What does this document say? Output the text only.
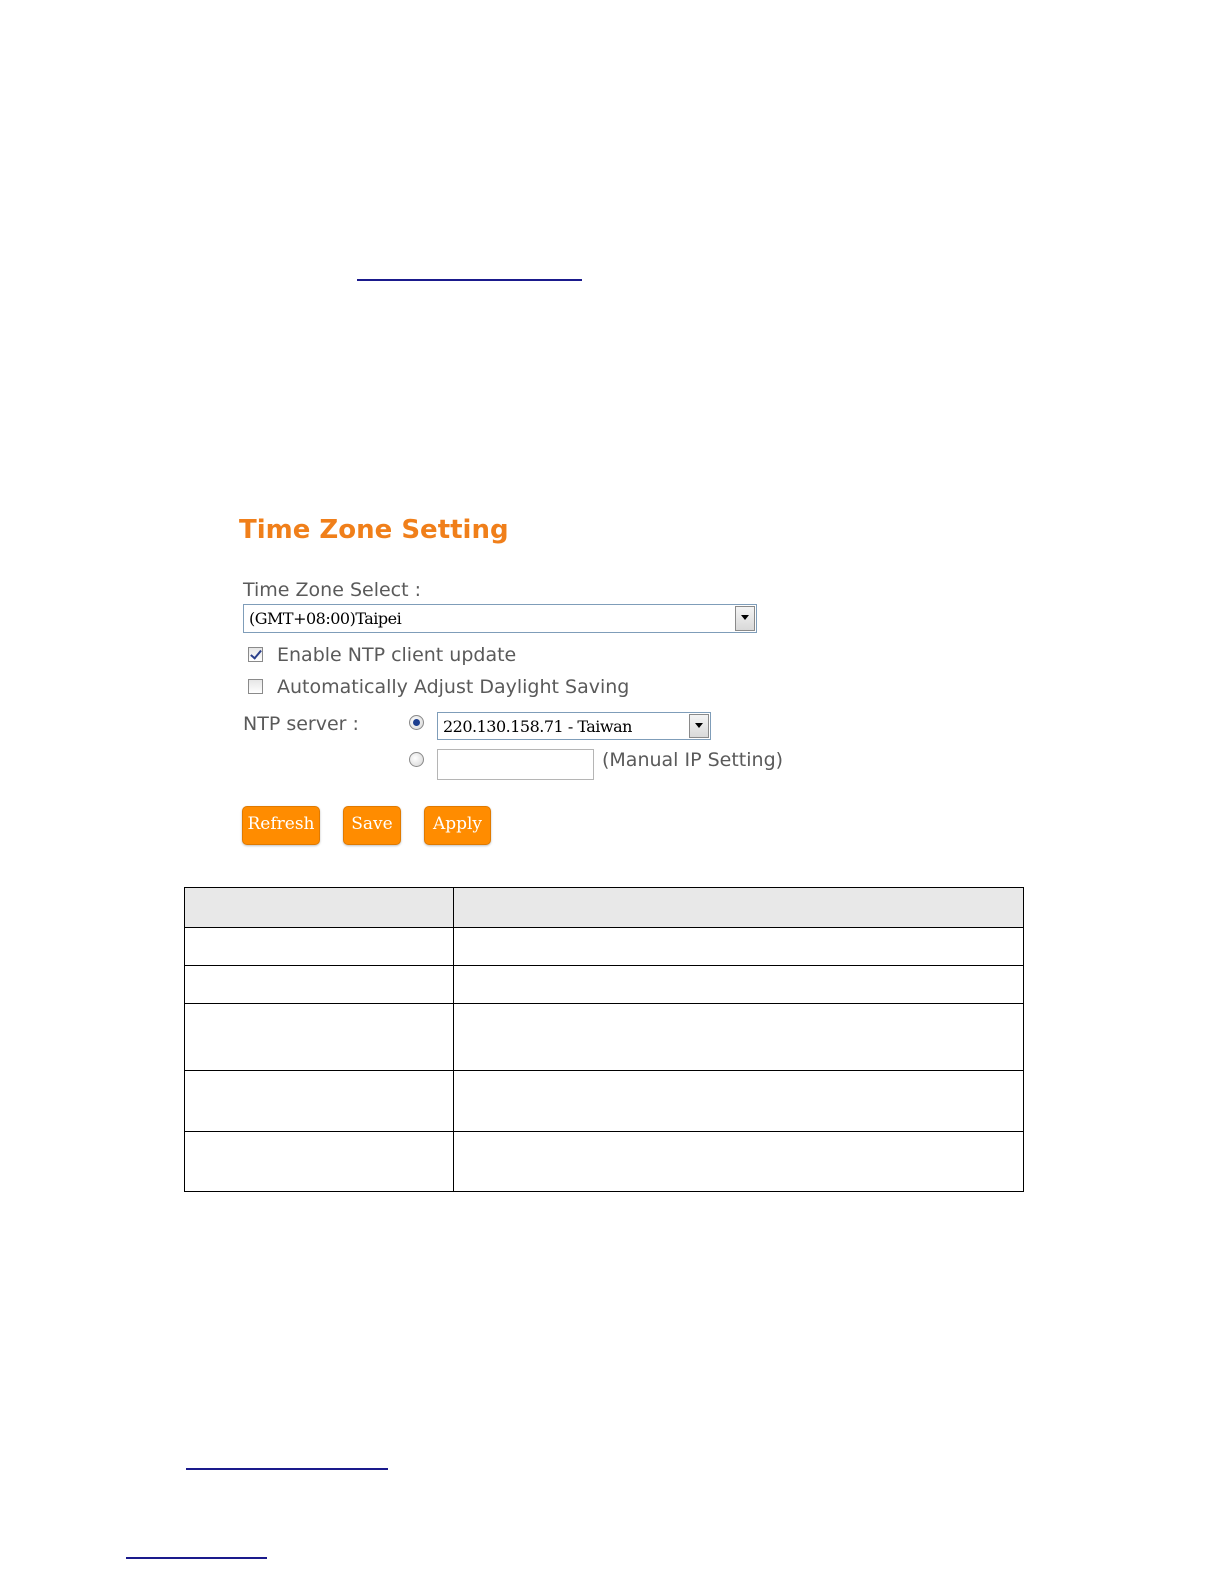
Time Zone Setting
Time Zone Select :
(GMT+08:00)Taipei
Enable NTP client update
Automatically Adjust Daylight Saving
NTP server :	220.130.158.71 - Taiwan
(Manual IP Setting)
Refresh	Save	Apply
